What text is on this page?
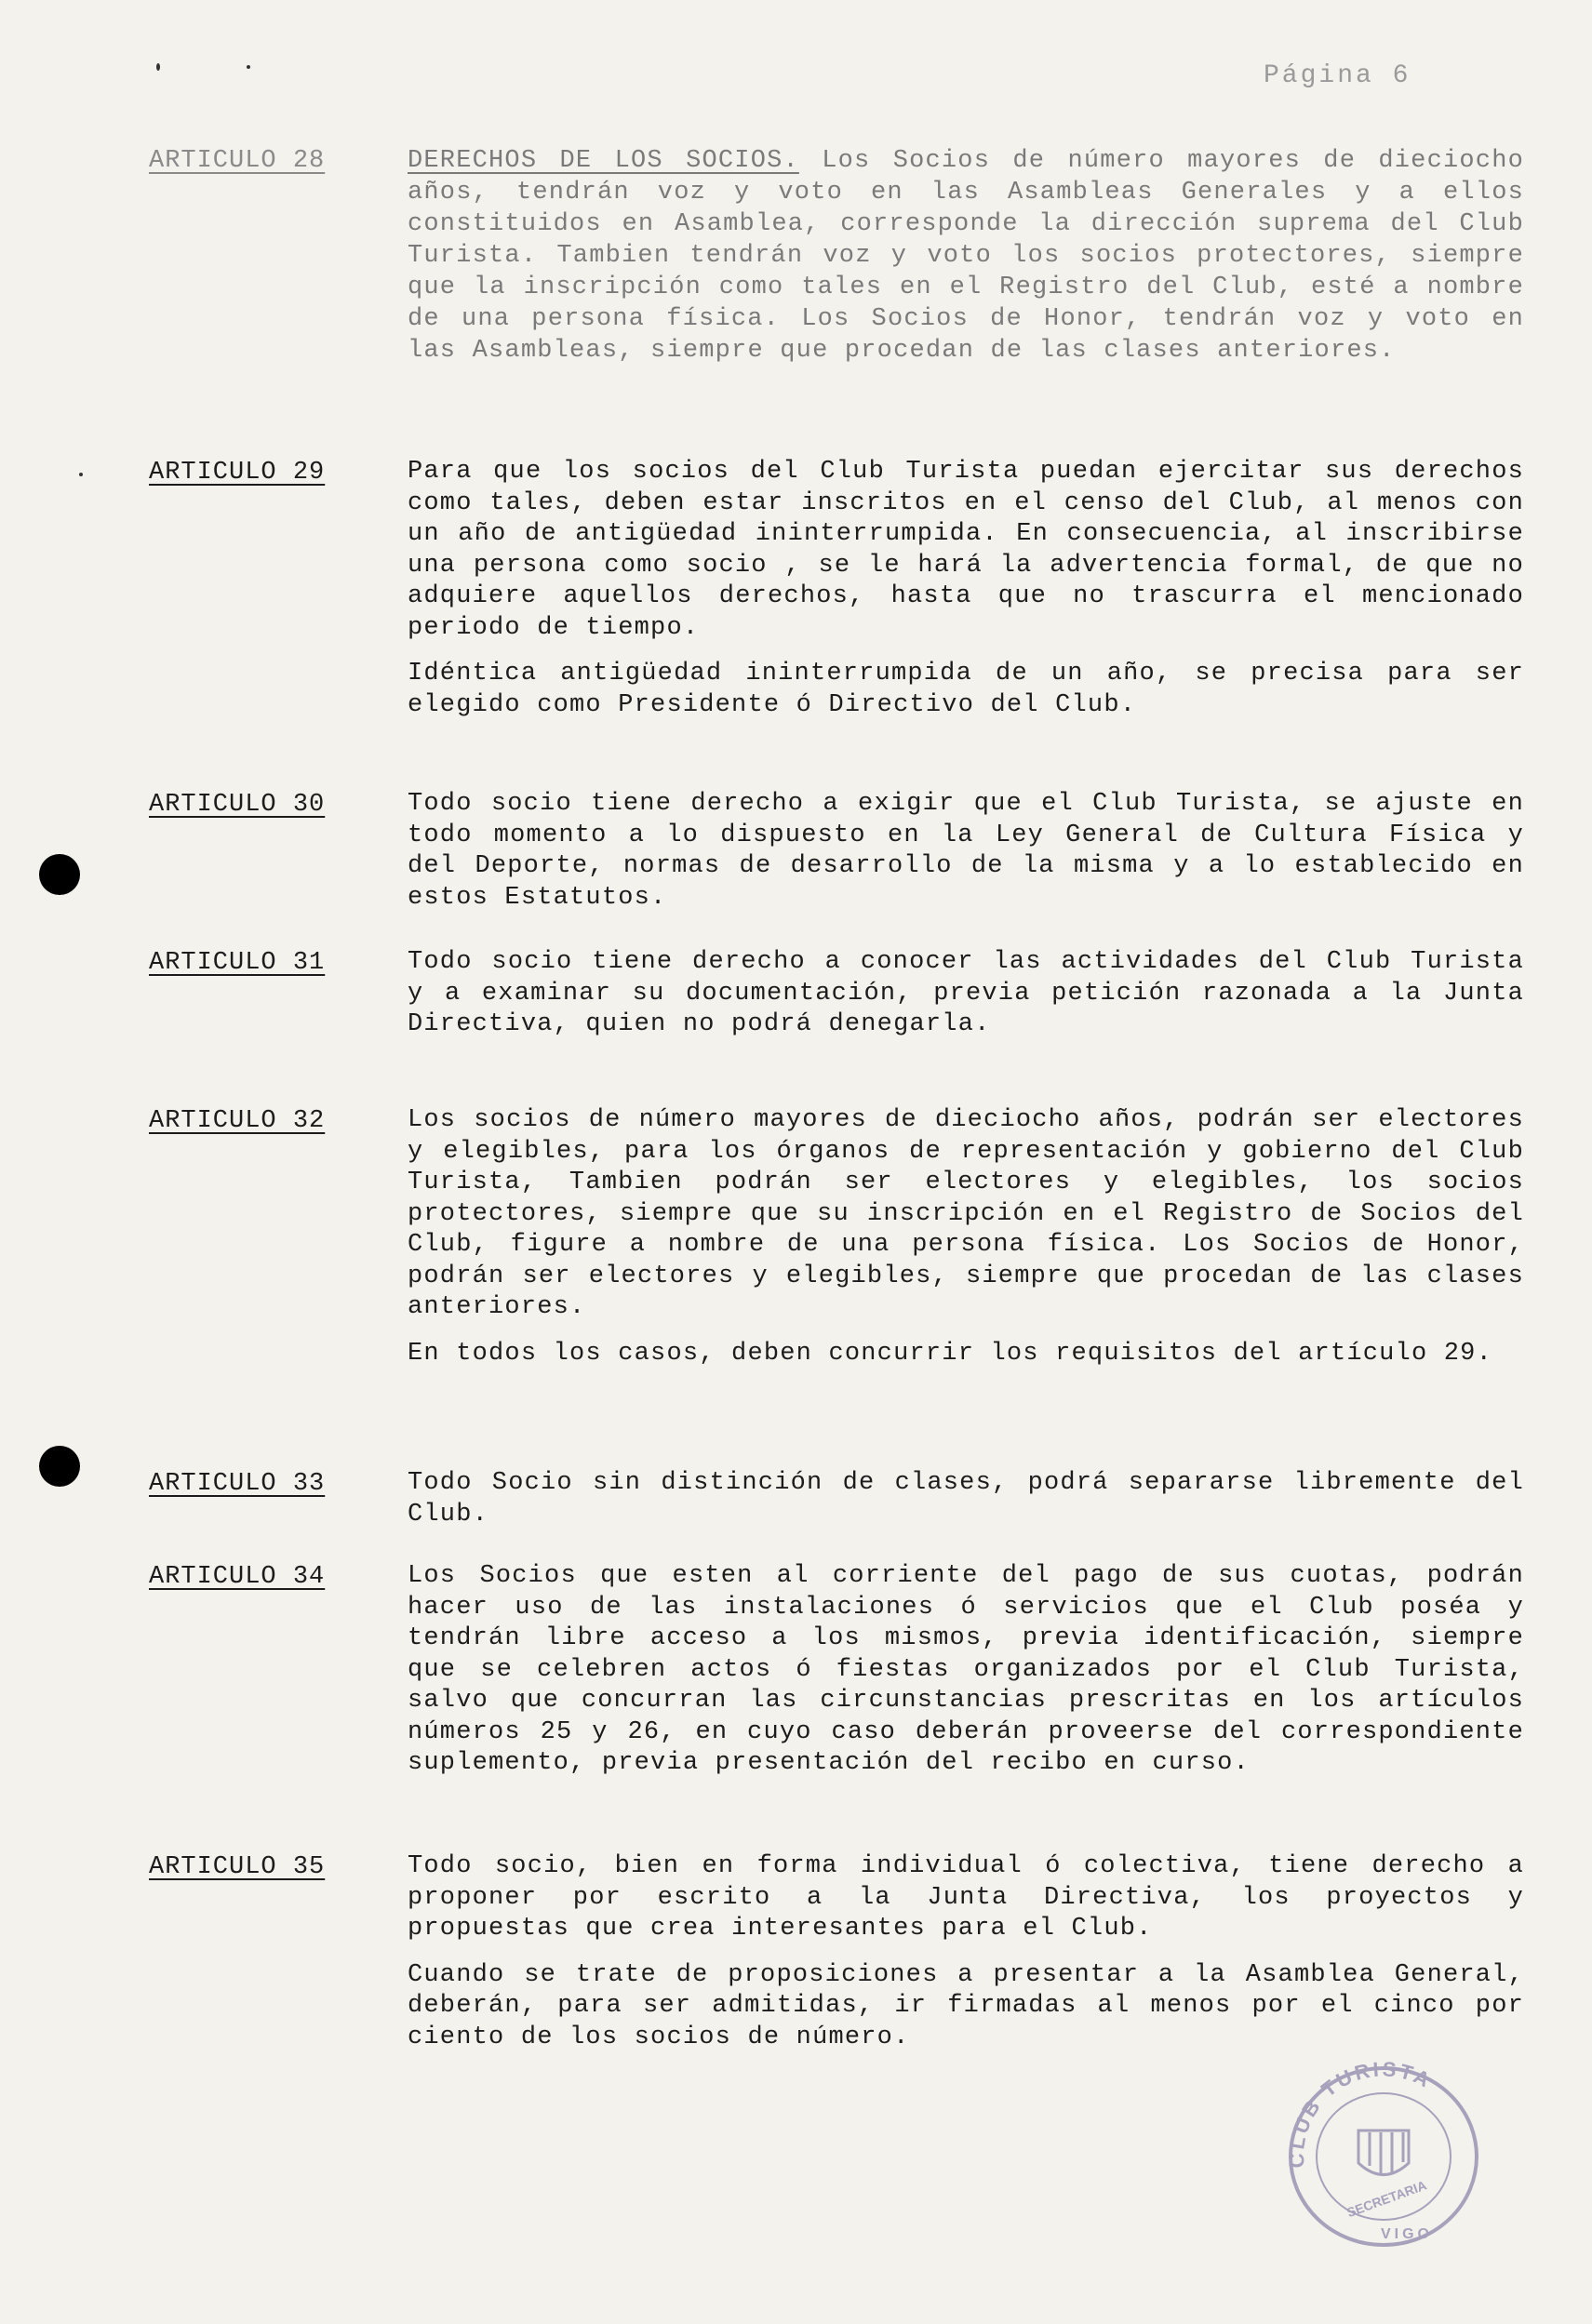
Página 6
ARTICULO 28	DERECHOS DE LOS SOCIOS. Los Socios de número mayores de dieciocho años, tendrán voz y voto en las Asambleas Generales y a ellos constituidos en Asamblea, corresponde la dirección suprema del Club Turista. Tambien tendrán voz y voto los socios protectores, siempre que la inscripción como tales en el Registro del Club, esté a nombre de una persona física. Los Socios de Honor, tendrán voz y voto en las Asambleas, siempre que procedan de las clases anteriores.

ARTICULO 29	Para que los socios del Club Turista puedan ejercitar sus derechos como tales, deben estar inscritos en el censo del Club, al menos con un año de antigüedad ininterrumpida. En consecuencia, al inscribirse una persona como socio , se le hará la advertencia formal, de que no adquiere aquellos derechos, hasta que no trascurra el mencionado periodo de tiempo.

Idéntica antigüedad ininterrumpida de un año, se precisa para ser elegido como Presidente ó Directivo del Club.

ARTICULO 30	Todo socio tiene derecho a exigir que el Club Turista, se ajuste en todo momento a lo dispuesto en la Ley General de Cultura Física y del Deporte, normas de desarrollo de la misma y a lo establecido en estos Estatutos.

ARTICULO 31	Todo socio tiene derecho a conocer las actividades del Club Turista y a examinar su documentación, previa petición razonada a la Junta Directiva, quien no podrá denegarla.

ARTICULO 32	Los socios de número mayores de dieciocho años, podrán ser electores y elegibles, para los órganos de representación y gobierno del Club Turista, Tambien podrán ser electores y elegibles, los socios protectores, siempre que su inscripción en el Registro de Socios del Club, figure a nombre de una persona física. Los Socios de Honor, podrán ser electores y elegibles, siempre que procedan de las clases anteriores.

En todos los casos, deben concurrir los requisitos del artículo 29.

ARTICULO 33	Todo Socio sin distinción de clases, podrá separarse libremente del Club.

ARTICULO 34	Los Socios que esten al corriente del pago de sus cuotas, podrán hacer uso de las instalaciones ó servicios que el Club poséa y tendrán libre acceso a los mismos, previa identificación, siempre que se celebren actos ó fiestas organizados por el Club Turista, salvo que concurran las circunstancias prescritas en los artículos números 25 y 26, en cuyo caso deberán proveerse del correspondiente suplemento, previa presentación del recibo en curso.

ARTICULO 35	Todo socio, bien en forma individual ó colectiva, tiene derecho a proponer por escrito a la Junta Directiva, los proyectos y propuestas que crea interesantes para el Club.

Cuando se trate de proposiciones a presentar a la Asamblea General, deberán, para ser admitidas, ir firmadas al menos por el cinco por ciento de los socios de número.

CLUB TURISTA
SECRETARIA
VIGO
